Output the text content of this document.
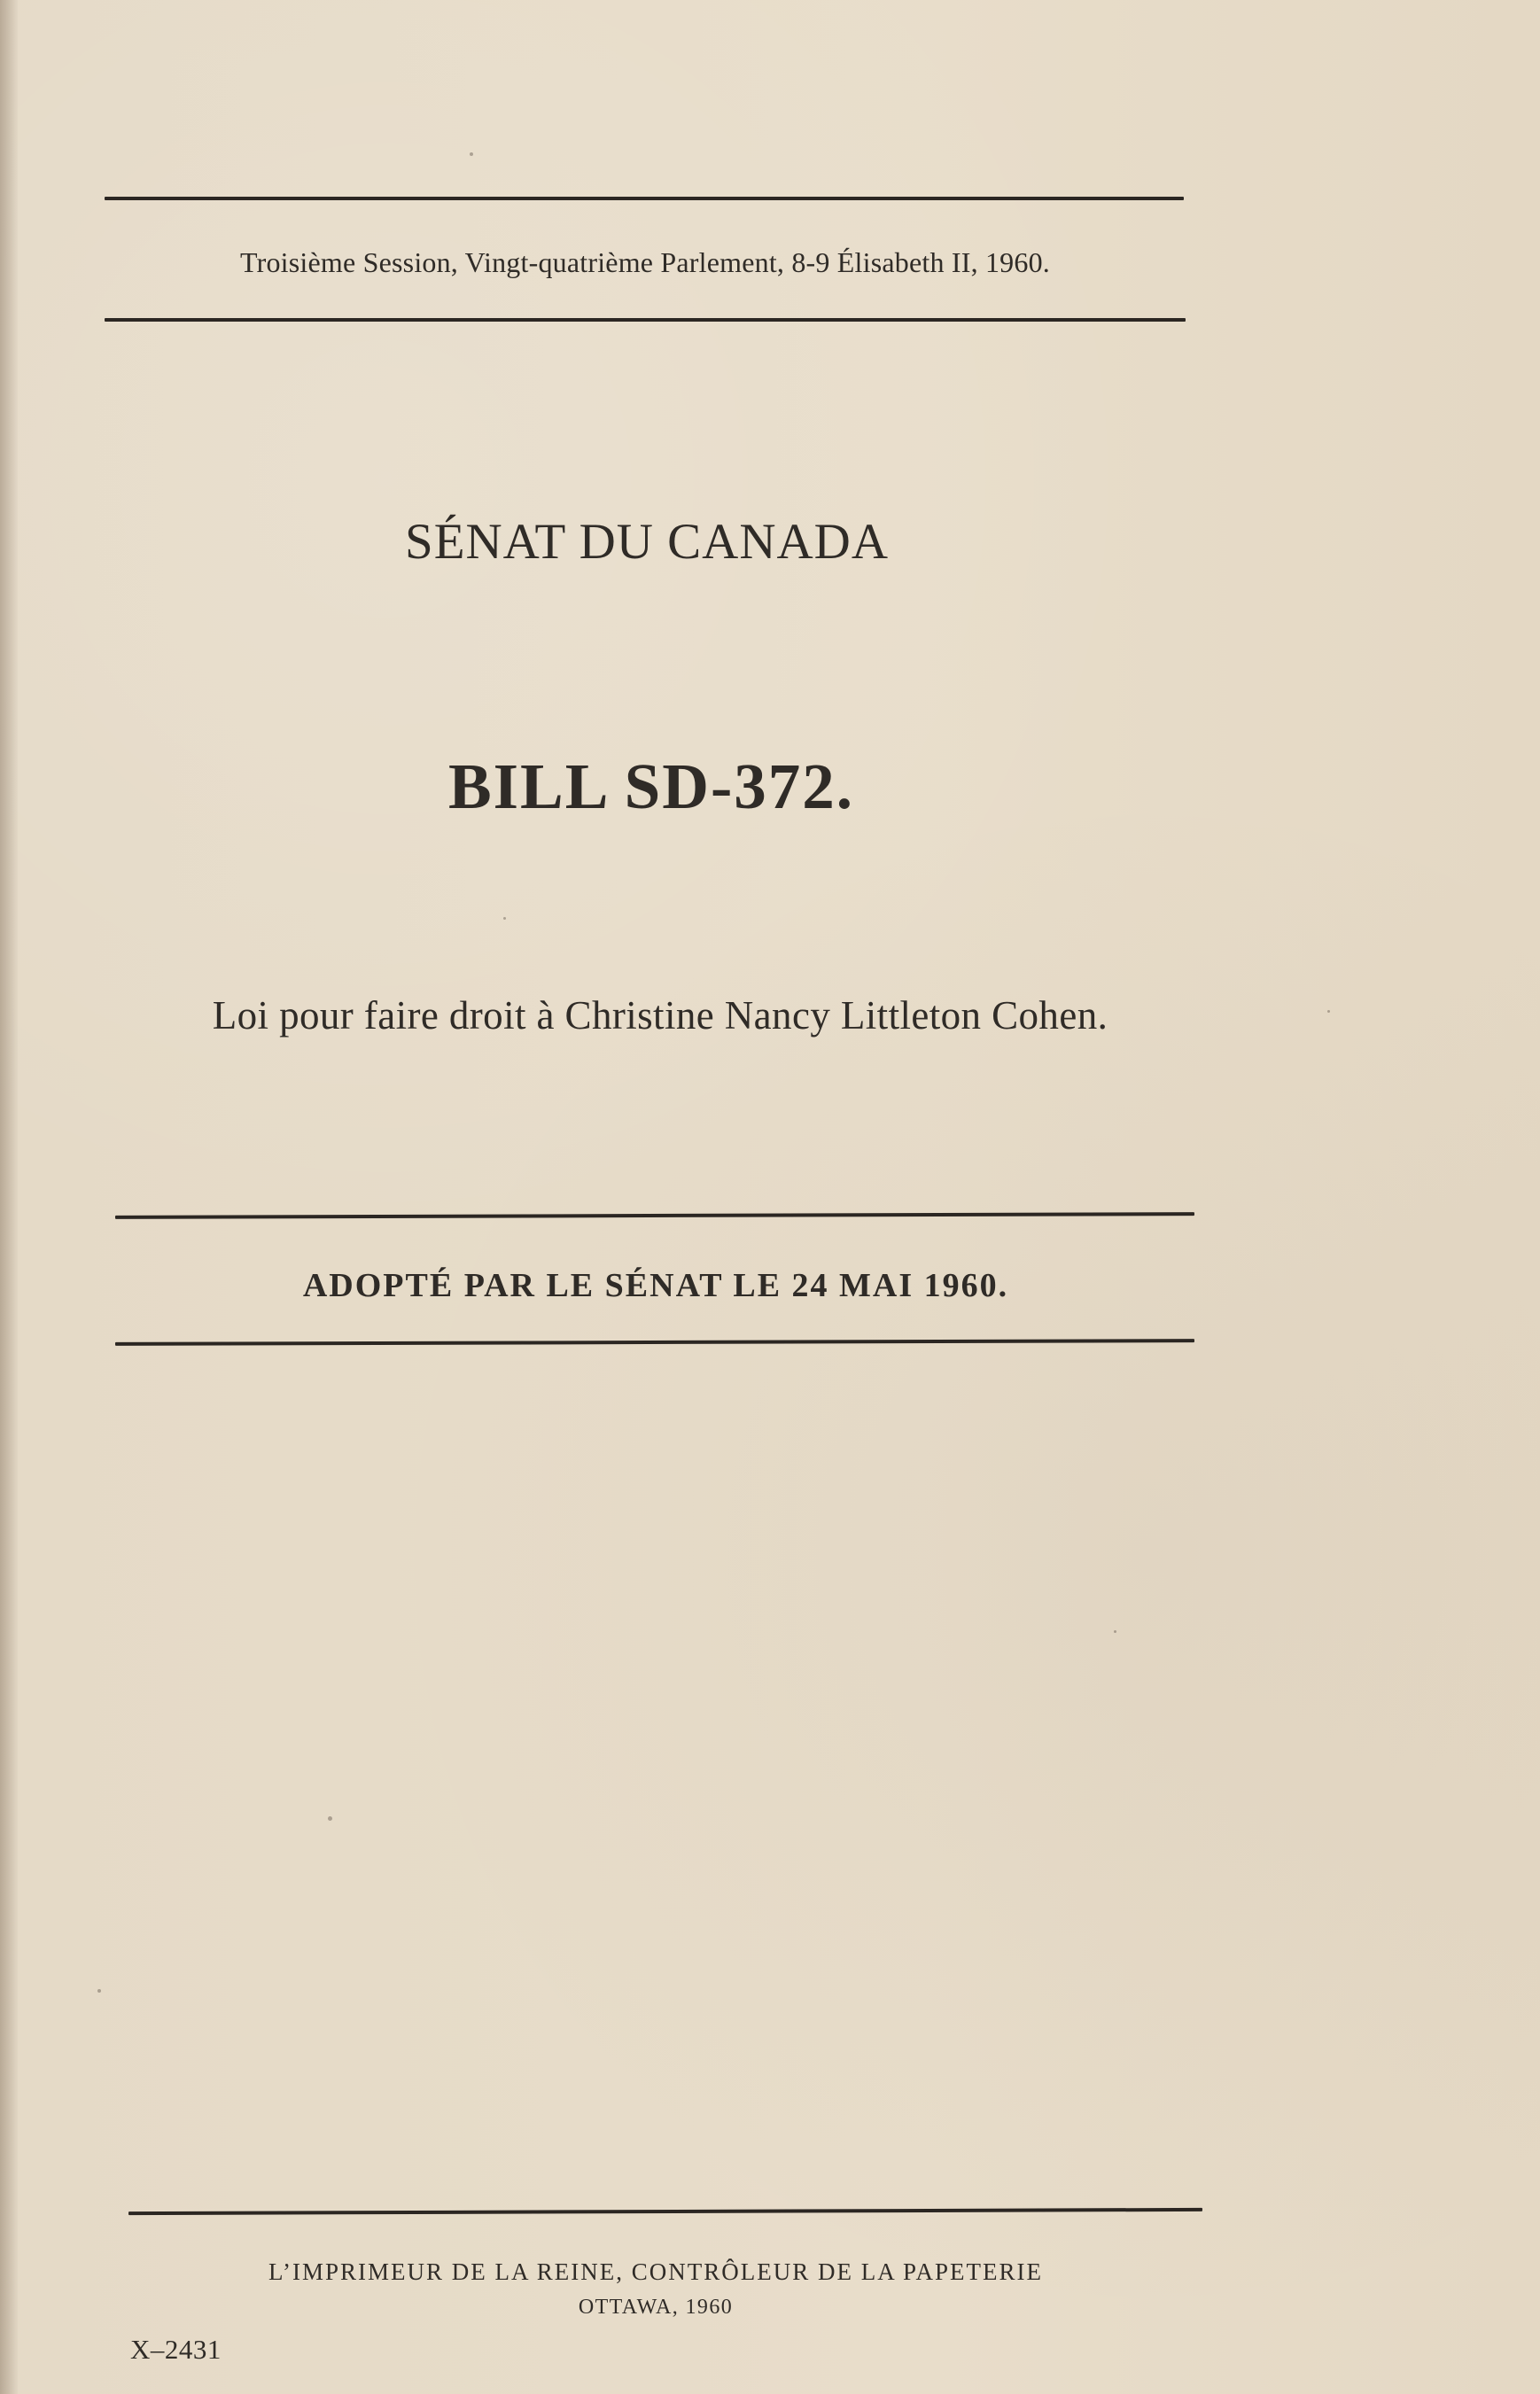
Troisième Session, Vingt-quatrième Parlement, 8-9 Élisabeth II, 1960.
SÉNAT DU CANADA
BILL SD-372.
Loi pour faire droit à Christine Nancy Littleton Cohen.
ADOPTÉ PAR LE SÉNAT LE 24 MAI 1960.
L’IMPRIMEUR DE LA REINE, CONTRÔLEUR DE LA PAPETERIE
OTTAWA, 1960
X–2431
